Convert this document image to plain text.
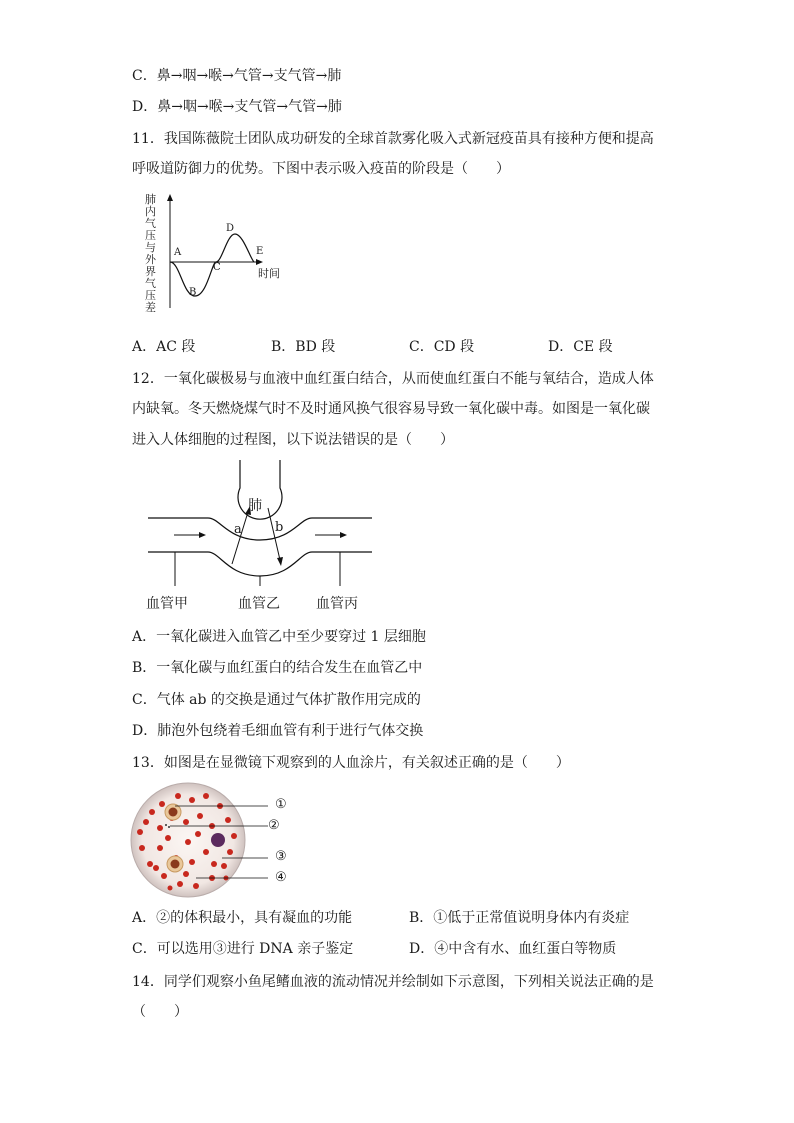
C．鼻→咽→喉→气管→支气管→肺
D．鼻→咽→喉→支气管→气管→肺
11．我国陈薇院士团队成功研发的全球首款雾化吸入式新冠疫苗具有接种方便和提高
呼吸道防御力的优势。下图中表示吸入疫苗的阶段是（　　）
A
B
C
D
E
时间
肺内气压与外界气压差
A．AC 段	B．BD 段	C．CD 段	D．CE 段
12．一氧化碳极易与血液中血红蛋白结合，从而使血红蛋白不能与氧结合，造成人体
内缺氧。冬天燃烧煤气时不及时通风换气很容易导致一氧化碳中毒。如图是一氧化碳
进入人体细胞的过程图，以下说法错误的是（　　）
肺
a	b
血管甲	血管乙	血管丙
A．一氧化碳进入血管乙中至少要穿过 1 层细胞
B．一氧化碳与血红蛋白的结合发生在血管乙中
C．气体 ab 的交换是通过气体扩散作用完成的
D．肺泡外包绕着毛细血管有利于进行气体交换
13．如图是在显微镜下观察到的人血涂片，有关叙述正确的是（　　）
①
②
③
④
A．②的体积最小，具有凝血的功能	B．①低于正常值说明身体内有炎症
C．可以选用③进行 DNA 亲子鉴定	D．④中含有水、血红蛋白等物质
14．同学们观察小鱼尾鳍血液的流动情况并绘制如下示意图，下列相关说法正确的是
（　　）
